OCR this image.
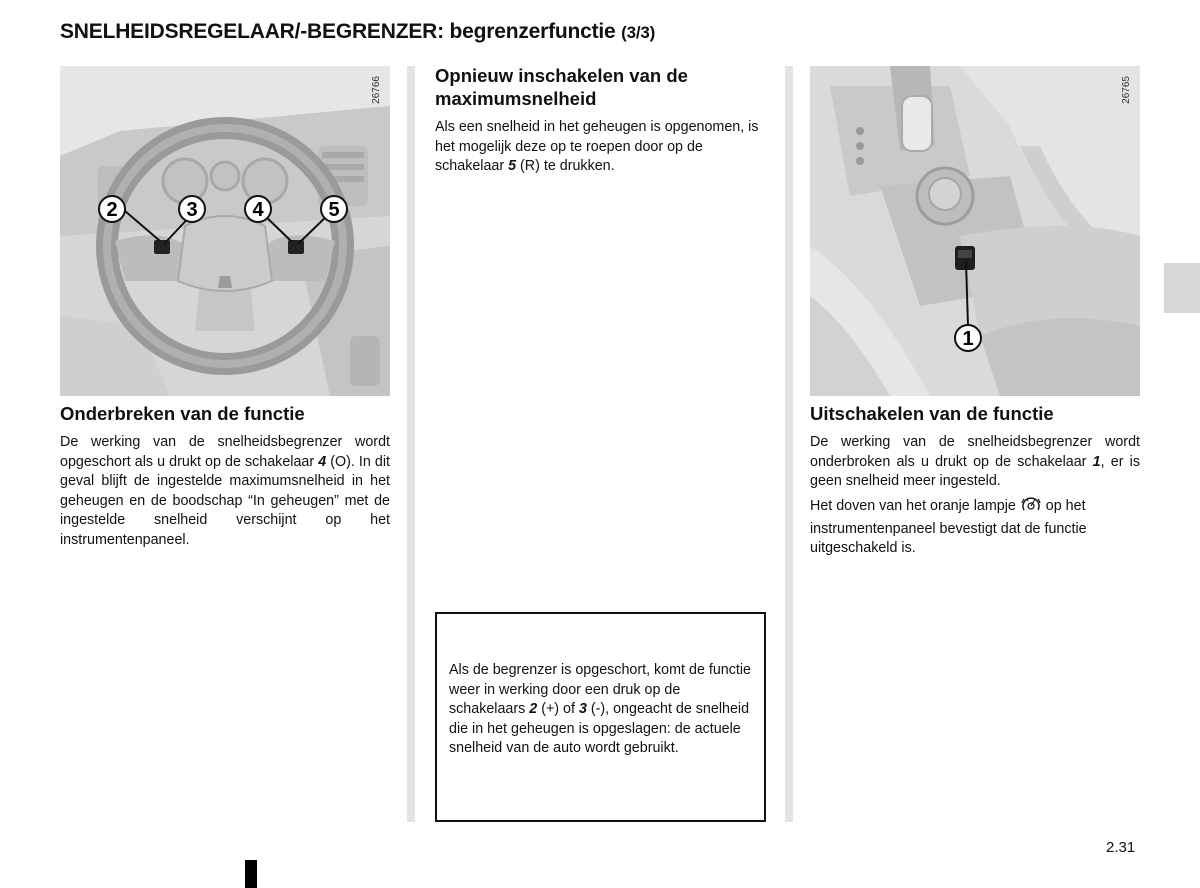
SNELHEIDSREGELAAR/-BEGRENZER: begrenzerfunctie (3/3)
2	3	4	5
26766
Onderbreken van de functie

De werking van de snelheidsbegrenzer wordt opgeschort als u drukt op de schakelaar 4 (O). In dit geval blijft de ingestelde maximumsnelheid in het geheugen en de boodschap “In geheugen” met de ingestelde snelheid verschijnt op het instrumentenpaneel.

Opnieuw inschakelen van de
maximumsnelheid

Als een snelheid in het geheugen is opgenomen, is het mogelijk deze op te roepen door op de schakelaar 5 (R) te drukken.

Als de begrenzer is opgeschort, komt de functie weer in werking door een druk op de schakelaars 2 (+) of 3 (-), ongeacht de snelheid die in het geheugen is opgeslagen: de actuele snelheid van de auto wordt gebruikt.

1
26765
Uitschakelen van de functie

De werking van de snelheidsbegrenzer wordt onderbroken als u drukt op de schakelaar 1, er is geen snelheid meer ingesteld.

Het doven van het oranje lampje  op het instrumentenpaneel bevestigt dat de functie uitgeschakeld is.

2.31
